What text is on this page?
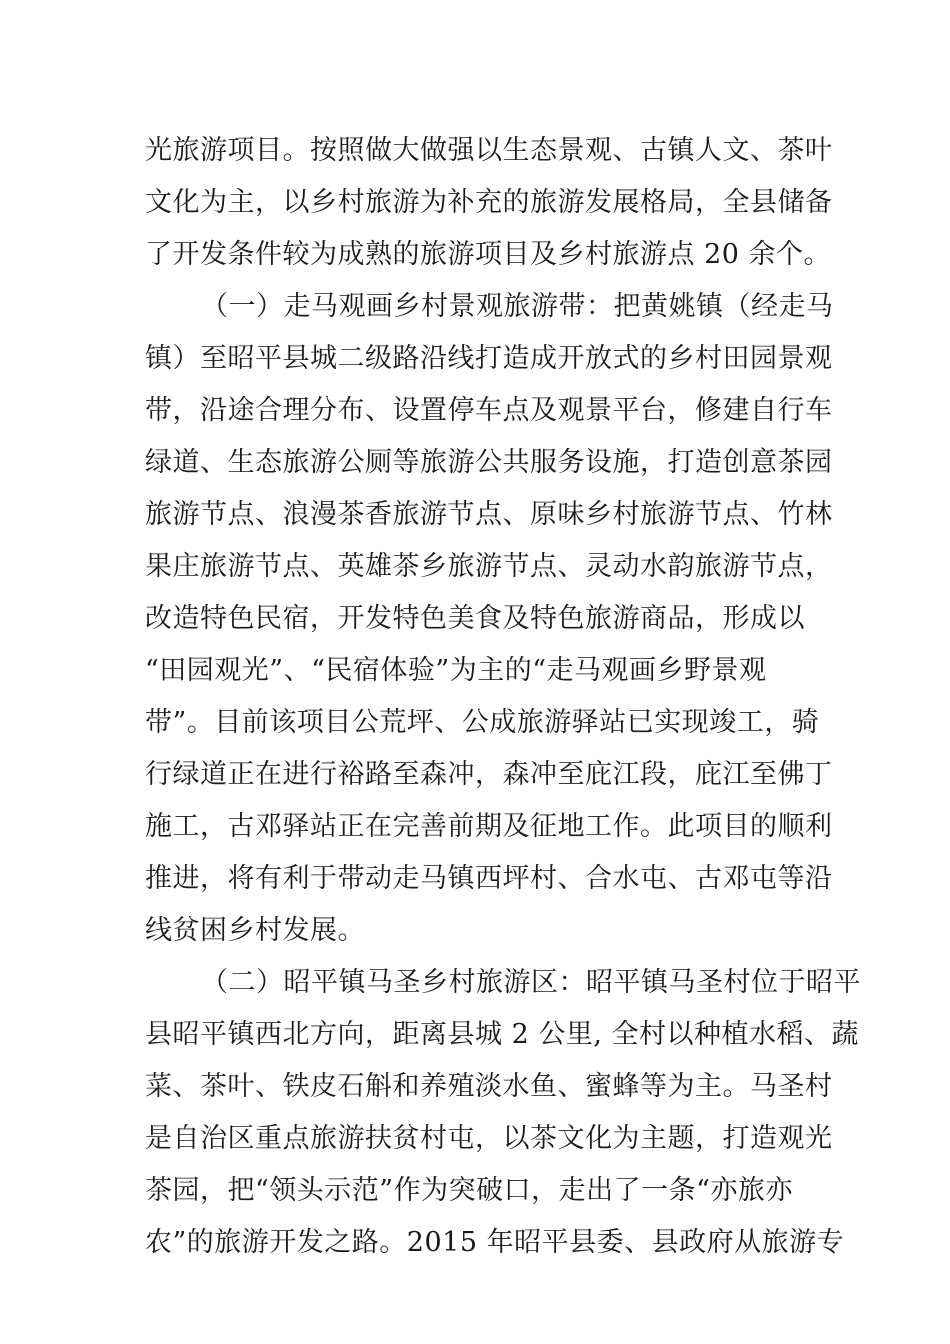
光旅游项目。按照做大做强以生态景观、古镇人文、茶叶
文化为主，以乡村旅游为补充的旅游发展格局，全县储备
了开发条件较为成熟的旅游项目及乡村旅游点 20 余个。
（一）走马观画乡村景观旅游带：把黄姚镇（经走马
镇）至昭平县城二级路沿线打造成开放式的乡村田园景观
带，沿途合理分布、设置停车点及观景平台，修建自行车
绿道、生态旅游公厕等旅游公共服务设施，打造创意茶园
旅游节点、浪漫茶香旅游节点、原味乡村旅游节点、竹林
果庄旅游节点、英雄茶乡旅游节点、灵动水韵旅游节点，
改造特色民宿，开发特色美食及特色旅游商品，形成以
“田园观光”、“民宿体验”为主的“走马观画乡野景观
带”。目前该项目公荒坪、公成旅游驿站已实现竣工，骑
行绿道正在进行裕路至森冲，森冲至庇江段，庇江至佛丁
施工，古邓驿站正在完善前期及征地工作。此项目的顺利
推进，将有利于带动走马镇西坪村、合水屯、古邓屯等沿
线贫困乡村发展。
（二）昭平镇马圣乡村旅游区：昭平镇马圣村位于昭平
县昭平镇西北方向，距离县城 2 公里, 全村以种植水稻、蔬
菜、茶叶、铁皮石斛和养殖淡水鱼、蜜蜂等为主。马圣村
是自治区重点旅游扶贫村屯，以茶文化为主题，打造观光
茶园，把“领头示范”作为突破口，走出了一条“亦旅亦
农”的旅游开发之路。2015 年昭平县委、县政府从旅游专
